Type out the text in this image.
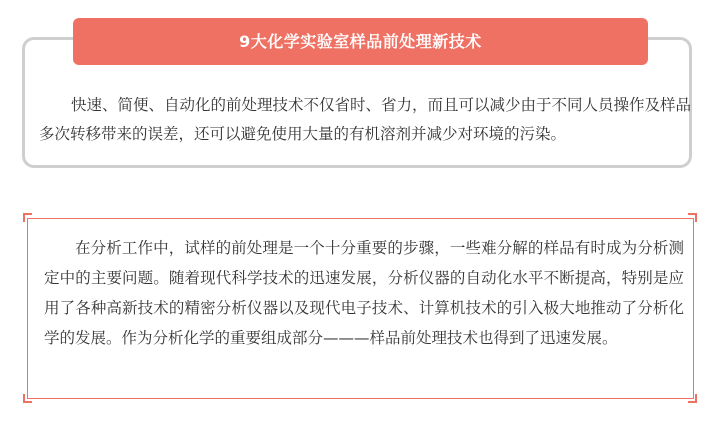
9大化学实验室样品前处理新技术

快速、简便、自动化的前处理技术不仅省时、省力，而且可以减少由于不同人员操作及样品多次转移带来的误差，还可以避免使用大量的有机溶剂并减少对环境的污染。

在分析工作中，试样的前处理是一个十分重要的步骤，一些难分解的样品有时成为分析测定中的主要问题。随着现代科学技术的迅速发展，分析仪器的自动化水平不断提高，特别是应用了各种高新技术的精密分析仪器以及现代电子技术、计算机技术的引入极大地推动了分析化学的发展。作为分析化学的重要组成部分———样品前处理技术也得到了迅速发展。
